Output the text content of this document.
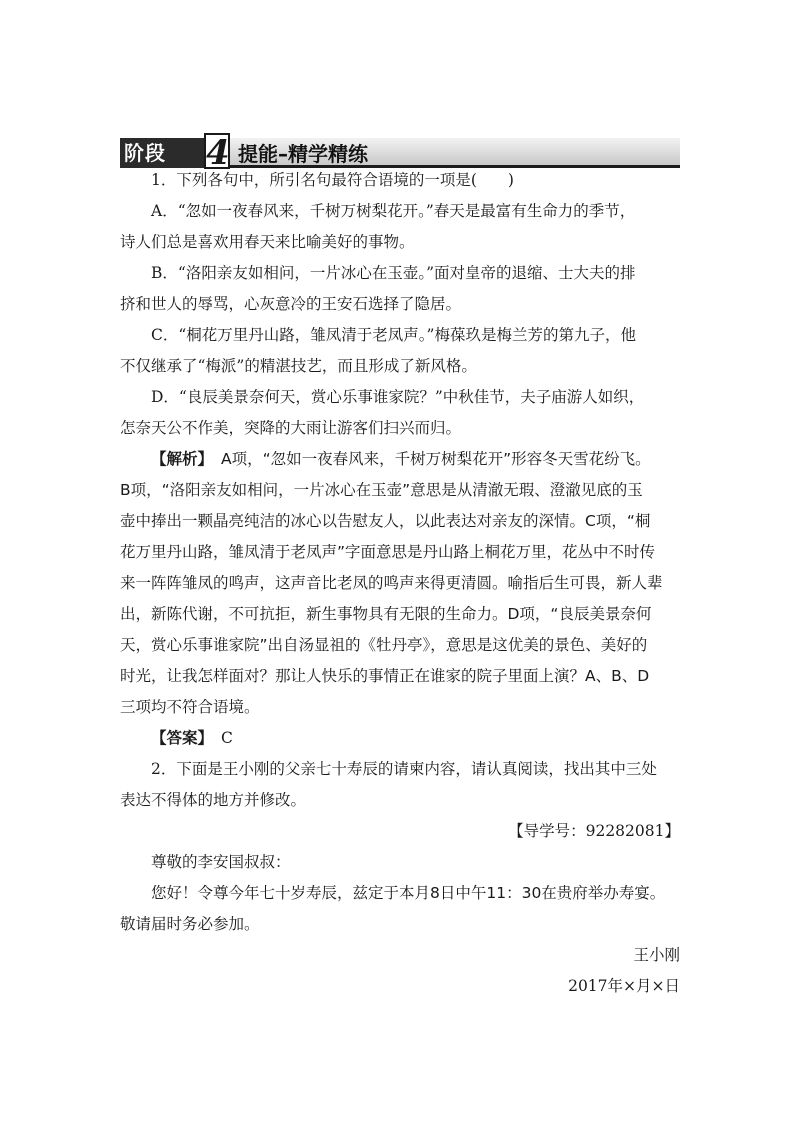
阶段	4 提能–精学精练

1．下列各句中，所引名句最符合语境的一项是(　　)

A．“忽如一夜春风来，千树万树梨花开。”春天是最富有生命力的季节，

诗人们总是喜欢用春天来比喻美好的事物。

B．“洛阳亲友如相问，一片冰心在玉壶。”面对皇帝的退缩、士大夫的排

挤和世人的辱骂，心灰意冷的王安石选择了隐居。

C．“桐花万里丹山路，雏凤清于老凤声。”梅葆玖是梅兰芳的第九子，他

不仅继承了“梅派”的精湛技艺，而且形成了新风格。

D．“良辰美景奈何天，赏心乐事谁家院？”中秋佳节，夫子庙游人如织，

怎奈天公不作美，突降的大雨让游客们扫兴而归。

【解析】 A项，“忽如一夜春风来，千树万树梨花开”形容冬天雪花纷飞。

B项，“洛阳亲友如相问，一片冰心在玉壶”意思是从清澈无瑕、澄澈见底的玉

壶中捧出一颗晶亮纯洁的冰心以告慰友人，以此表达对亲友的深情。C项，“桐

花万里丹山路，雏凤清于老凤声”字面意思是丹山路上桐花万里，花丛中不时传

来一阵阵雏凤的鸣声，这声音比老凤的鸣声来得更清圆。喻指后生可畏，新人辈

出，新陈代谢，不可抗拒，新生事物具有无限的生命力。D项，“良辰美景奈何

天，赏心乐事谁家院”出自汤显祖的《牡丹亭》，意思是这优美的景色、美好的

时光，让我怎样面对？那让人快乐的事情正在谁家的院子里面上演？A、B、D

三项均不符合语境。

【答案】 C

2．下面是王小刚的父亲七十寿辰的请柬内容，请认真阅读，找出其中三处

表达不得体的地方并修改。

【导学号：92282081】

尊敬的李安国叔叔：

您好！令尊今年七十岁寿辰，兹定于本月8日中午11：30在贵府举办寿宴。

敬请届时务必参加。

王小刚

2017年×月×日
